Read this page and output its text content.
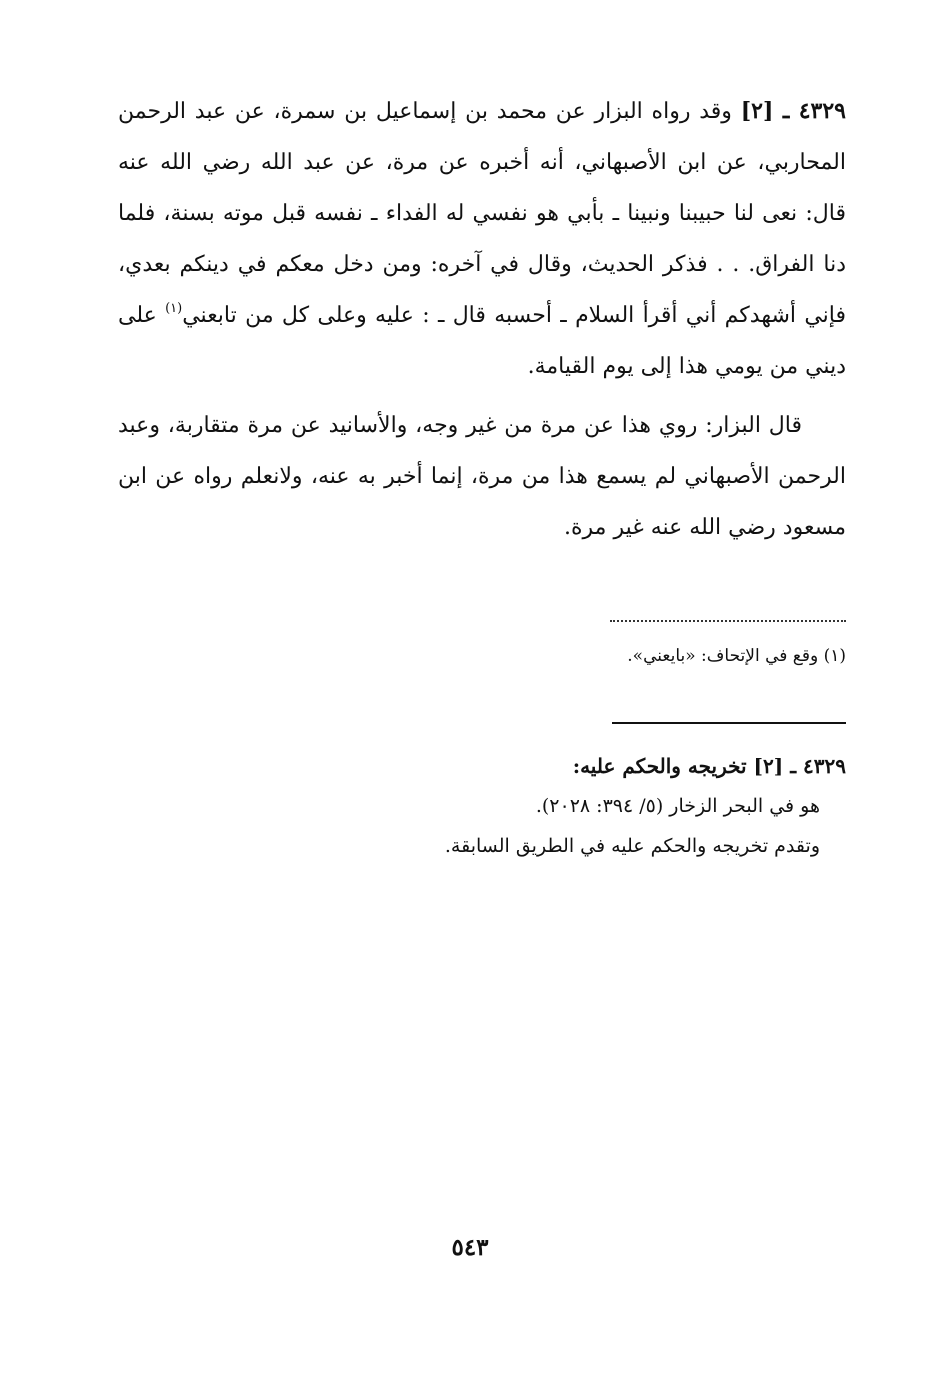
٤٣٢٩ ـ [٢] وقد رواه البزار عن محمد بن إسماعيل بن سمرة، عن عبد الرحمن المحاربي، عن ابن الأصبهاني، أنه أخبره عن مرة، عن عبد الله رضي الله عنه قال: نعى لنا حبيبنا ونبينا ـ بأبي هو نفسي له الفداء ـ نفسه قبل موته بسنة، فلما دنا الفراق. . . فذكر الحديث، وقال في آخره: ومن دخل معكم في دينكم بعدي، فإني أشهدكم أني أقرأ السلام ـ أحسبه قال ـ : عليه وعلى كل من تابعني$^{(١)}$ على ديني من يومي هذا إلى يوم القيامة.

قال البزار: روي هذا عن مرة من غير وجه، والأسانيد عن مرة متقاربة، وعبد الرحمن الأصبهاني لم يسمع هذا من مرة، إنما أخبر به عنه، ولانعلم رواه عن ابن مسعود رضي الله عنه غير مرة.

(١) وقع في الإتحاف: «بايعني».

٤٣٢٩ ـ [٢] تخريجه والحكم عليه:

هو في البحر الزخار (٥/ ٣٩٤: ٢٠٢٨).

وتقدم تخريجه والحكم عليه في الطريق السابقة.

٥٤٣
